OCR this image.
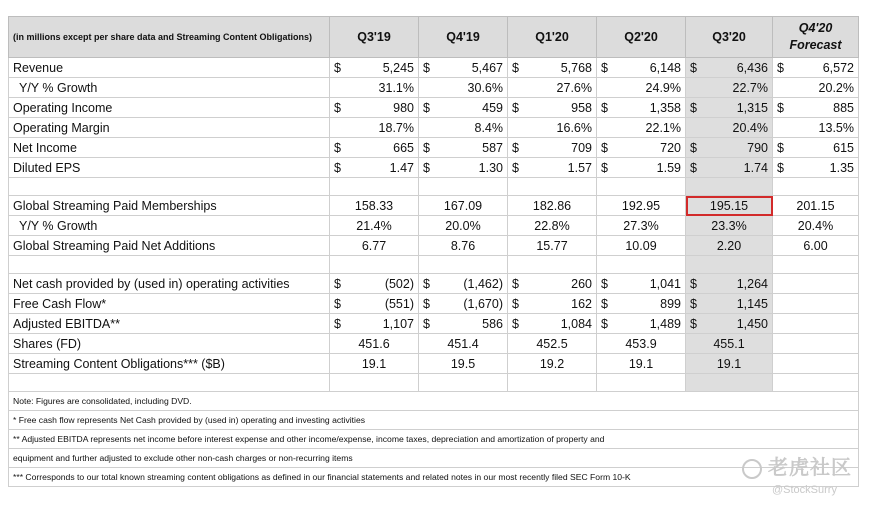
(in millions except per share data and Streaming Content Obligations)	Q3'19	Q4'19	Q1'20	Q2'20	Q3'20	Q4'20
Forecast
Revenue	$ 5,245	$ 5,467	$ 5,768	$ 6,148	$ 6,436	$ 6,572

Y/Y % Growth	31.1%	30.6%	27.6%	24.9%	22.7%	20.2%

Operating Income	$ 980	$ 459	$ 958	$ 1,358	$ 1,315	$ 885

Operating Margin	18.7%	8.4%	16.6%	22.1%	20.4%	13.5%

Net Income	$ 665	$ 587	$ 709	$ 720	$ 790	$ 615

Diluted EPS	$ 1.47	$ 1.30	$ 1.57	$ 1.59	$ 1.74	$ 1.35

Global Streaming Paid Memberships	158.33	167.09	182.86	192.95	195.15	201.15
Y/Y % Growth	21.4%	20.0%	22.8%	27.3%	23.3%	20.4%
Global Streaming Paid Net Additions	6.77	8.76	15.77	10.09	2.20	6.00

Net cash provided by (used in) operating activities	$ (502)	$ (1,462)	$ 260	$ 1,041	$ 1,264	

Free Cash Flow*	$ (551)	$ (1,670)	$ 162	$ 899	$ 1,145	

Adjusted EBITDA**	$ 1,107	$ 586	$ 1,084	$ 1,489	$ 1,450	

Shares (FD)	451.6	451.4	452.5	453.9	455.1	
Streaming Content Obligations*** ($B)	19.1	19.5	19.2	19.1	19.1	

Note: Figures are consolidated, including DVD.						
* Free cash flow represents Net Cash provided by (used in) operating and investing activities						
** Adjusted EBITDA represents net income before interest expense and other income/expense, income taxes, depreciation and amortization of property and						
equipment and further adjusted to exclude other non-cash charges or non-recurring items						
*** Corresponds to our total known streaming content obligations as defined in our financial statements and related notes in our most recently filed SEC Form 10-K							老虎社区
@StockSurry
